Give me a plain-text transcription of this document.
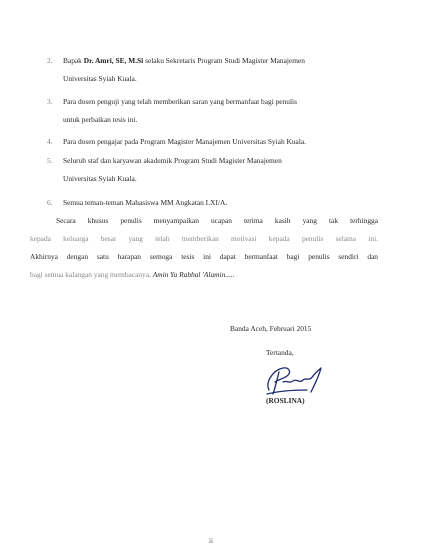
2.	Bapak Dr. Amri, SE, M.Si selaku Sekretaris Program Studi Magister Manajemen
Universitas Syiah Kuala.
3.	Para dosen penguji yang telah memberikan saran yang bermanfaat bagi penulis
untuk perbaikan tesis ini.
4.	Para dosen pengajar pada Program Magister Manajemen Universitas Syiah Kuala.
5.	Seluruh staf dan karyawan akademik Program Studi Magister Manajemen
Universitas Syiah Kuala.
6.	Semua teman-teman Mahasiswa MM Angkatan LXI/A.
Secara khusus penulis menyampaikan ucapan terima kasih yang tak terhingga
kepada keluarga besar yang telah memberikan motivasi kepada penulis selama ini.
Akhirnya dengan satu harapan semoga tesis ini dapat bermanfaat bagi penulis sendiri dan
bagi semua kalangan yang membacanya, Amin Ya Rabbal 'Alamin.....
Banda Aceh, Februari 2015
Tertanda,
(ROSLINA)
ii
